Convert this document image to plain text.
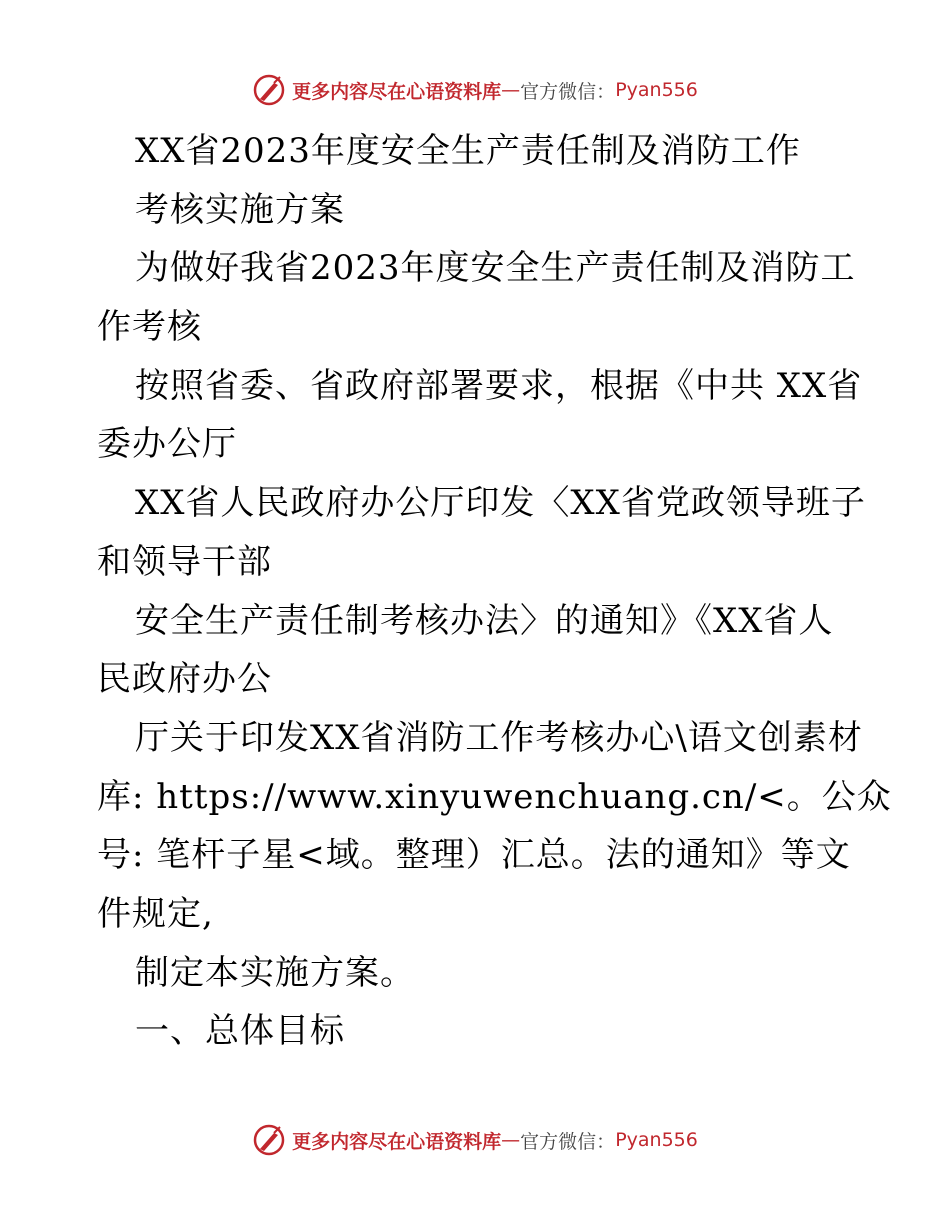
更多内容尽在心语资料库 — 官方微信： Pyan556
XX省2023年度安全生产责任制及消防工作
考核实施方案
为做好我省2023年度安全生产责任制及消防工
作考核
按照省委、省政府部署要求，根据《中共 XX省
委办公厅
XX省人民政府办公厅印发〈XX省党政领导班子
和领导干部
安全生产责任制考核办法〉的通知》《XX省人
民政府办公
厅关于印发XX省消防工作考核办心\语文创素材
库: https://www.xinyuwenchuang.cn/<。公众
号: 笔杆子星<域。整理）汇总。法的通知》等文
件规定,
制定本实施方案。
一、总体目标
更多内容尽在心语资料库 — 官方微信： Pyan556
